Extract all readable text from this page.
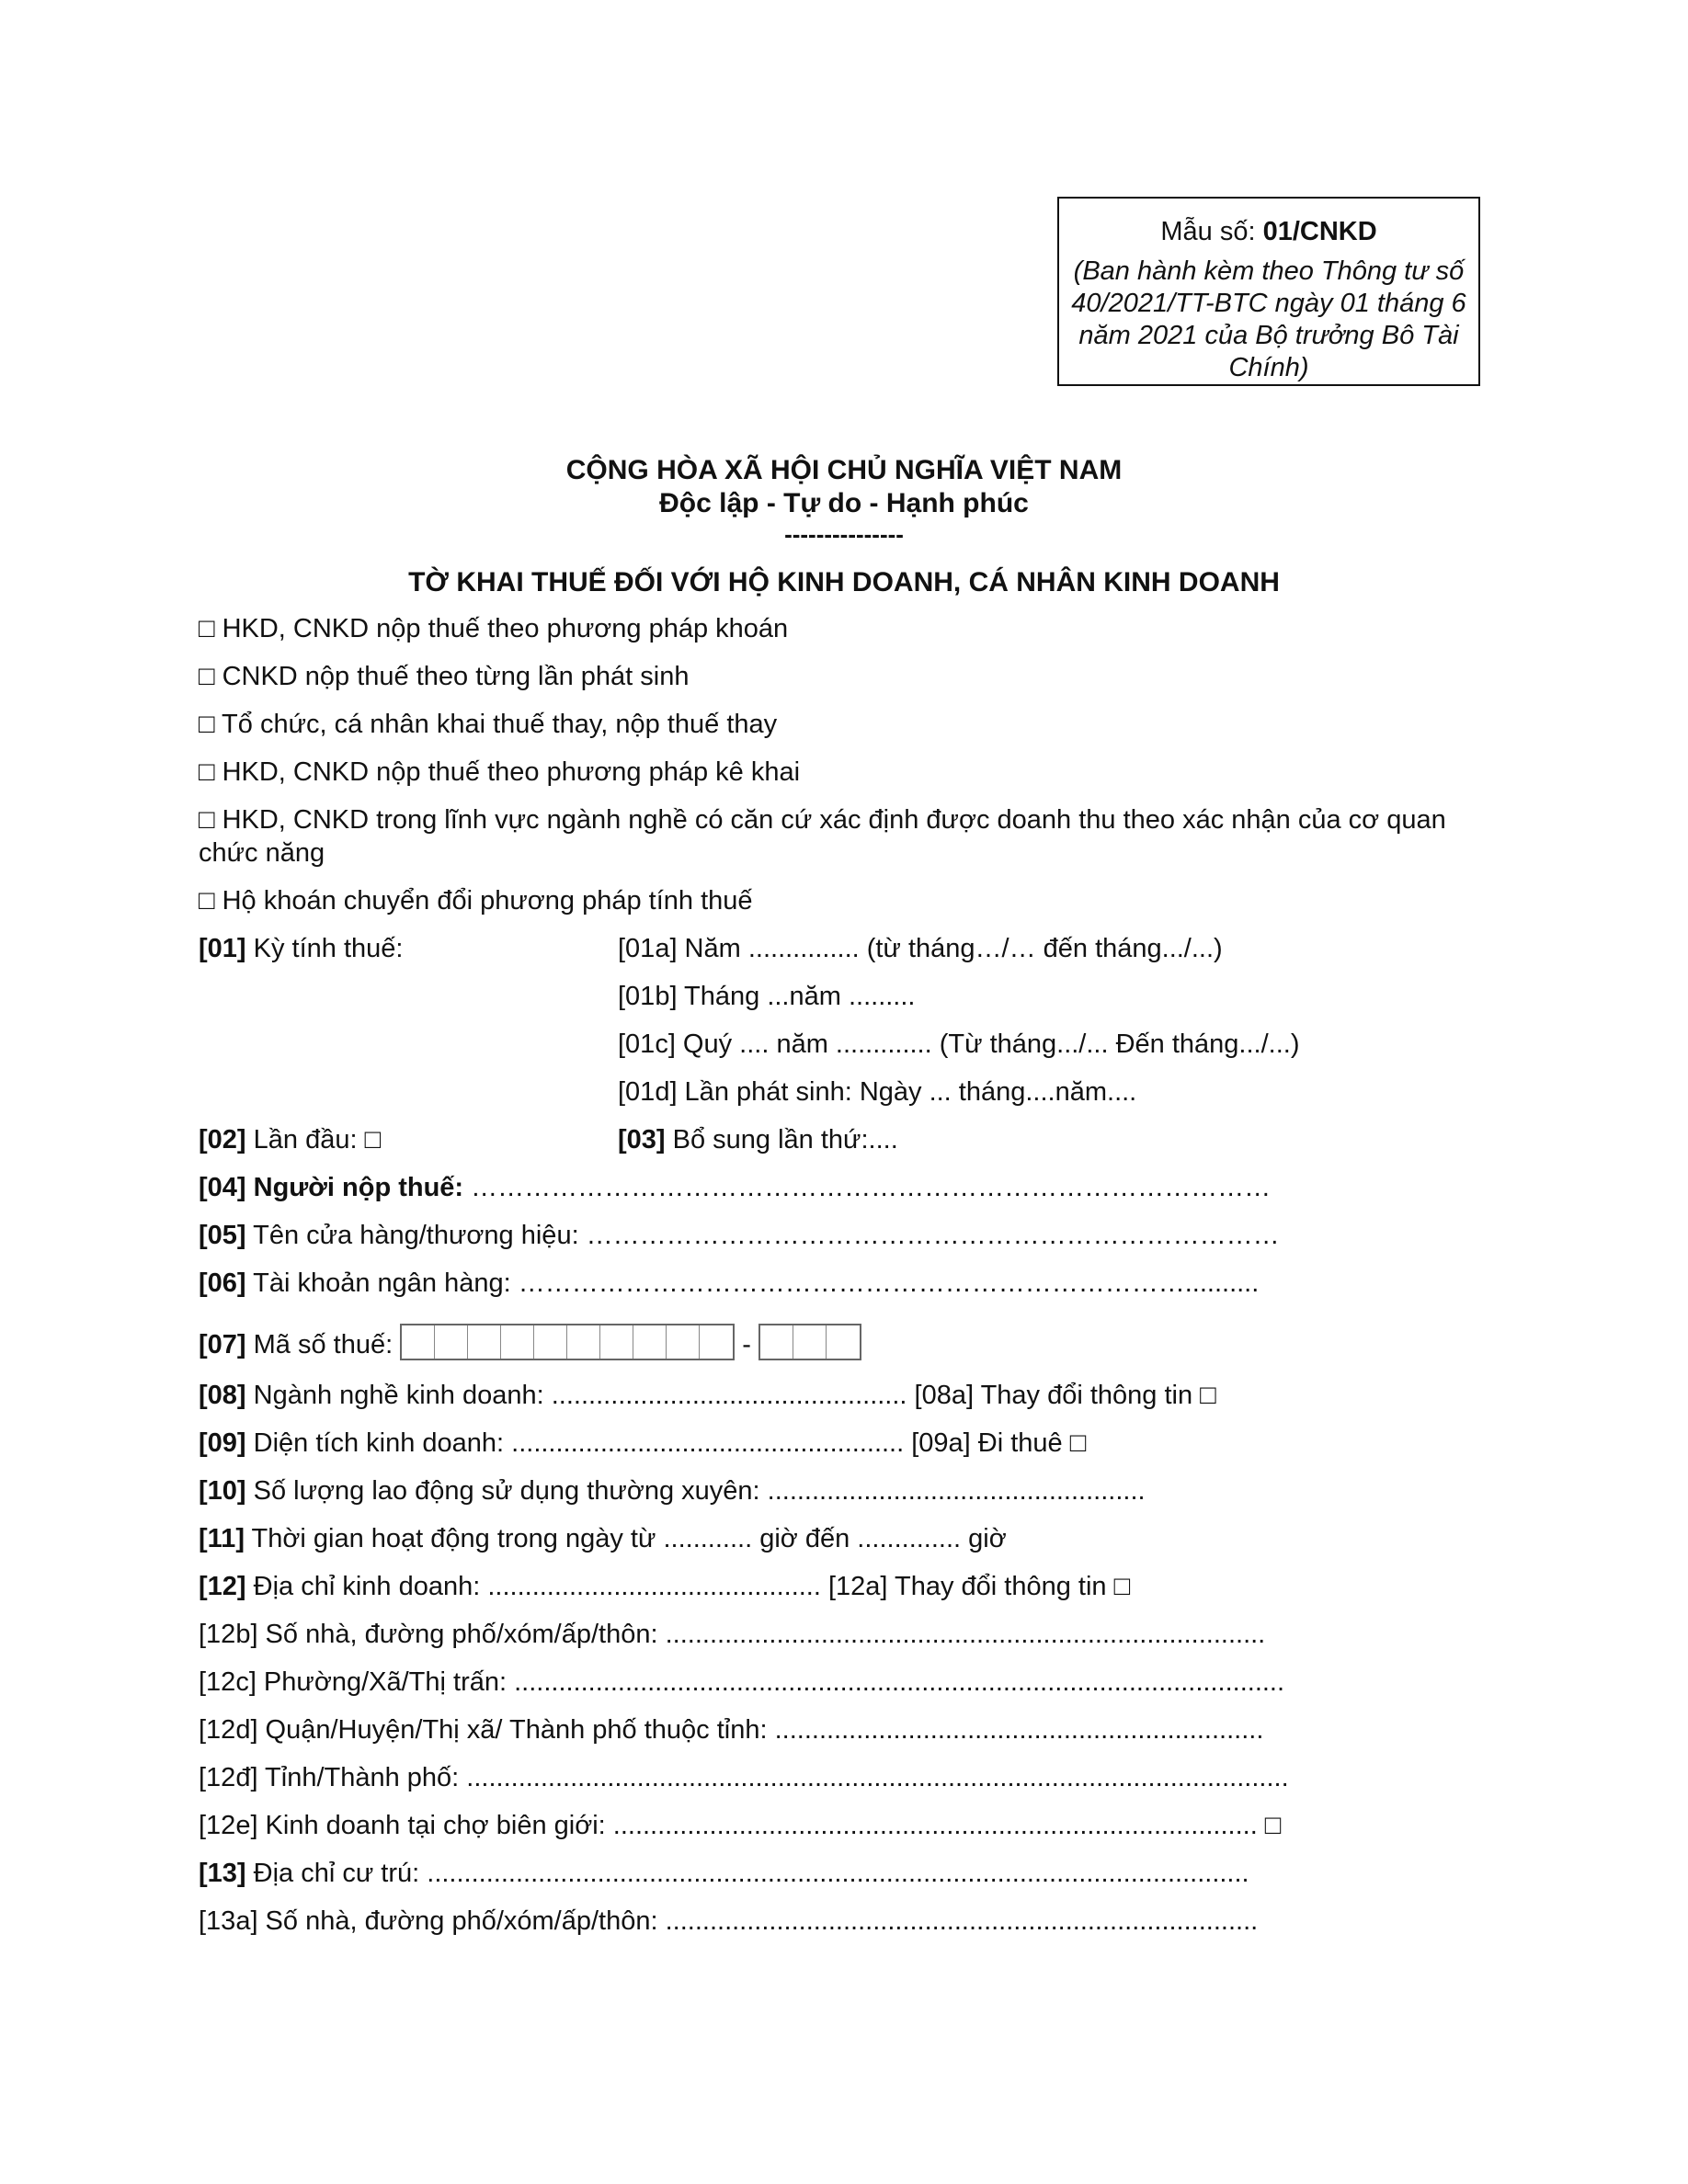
Mẫu số: 01/CNKD
(Ban hành kèm theo Thông tư số 40/2021/TT-BTC ngày 01 tháng 6 năm 2021 của Bộ trưởng Bô Tài Chính)
CỘNG HÒA XÃ HỘI CHỦ NGHĨA VIỆT NAM
Độc lập - Tự do - Hạnh phúc
---------------
TỜ KHAI THUẾ ĐỐI VỚI HỘ KINH DOANH, CÁ NHÂN KINH DOANH
□ HKD, CNKD nộp thuế theo phương pháp khoán
□ CNKD nộp thuế theo từng lần phát sinh
□ Tổ chức, cá nhân khai thuế thay, nộp thuế thay
□ HKD, CNKD nộp thuế theo phương pháp kê khai
□ HKD, CNKD trong lĩnh vực ngành nghề có căn cứ xác định được doanh thu theo xác nhận của cơ quan chức năng
□ Hộ khoán chuyển đổi phương pháp tính thuế
[01] Kỳ tính thuế:	[01a] Năm ............... (từ tháng…/… đến tháng.../...)
[01b] Tháng ...năm .........
[01c] Quý .... năm ............. (Từ tháng.../... Đến tháng.../...)
[01d] Lần phát sinh: Ngày ... tháng....năm....
[02] Lần đầu: □	[03] Bổ sung lần thứ:....
[04] Người nộp thuế: ………………………………………………………………………………
[05] Tên cửa hàng/thương hiệu: ……………………………………………………………………
[06] Tài khoản ngân hàng: …………………………………………………………………..........
[07] Mã số thuế:	-
[08] Ngành nghề kinh doanh: ................................................ [08a] Thay đổi thông tin □
[09] Diện tích kinh doanh: ..................................................... [09a] Đi thuê □
[10] Số lượng lao động sử dụng thường xuyên: ...................................................
[11] Thời gian hoạt động trong ngày từ ............ giờ đến .............. giờ
[12] Địa chỉ kinh doanh: ............................................. [12a] Thay đổi thông tin □
[12b] Số nhà, đường phố/xóm/ấp/thôn: .................................................................................
[12c] Phường/Xã/Thị trấn: ........................................................................................................
[12d] Quận/Huyện/Thị xã/ Thành phố thuộc tỉnh: ..................................................................
[12đ] Tỉnh/Thành phố: ...............................................................................................................
[12e] Kinh doanh tại chợ biên giới: ....................................................................................... □
[13] Địa chỉ cư trú: ...............................................................................................................
[13a] Số nhà, đường phố/xóm/ấp/thôn: ................................................................................
